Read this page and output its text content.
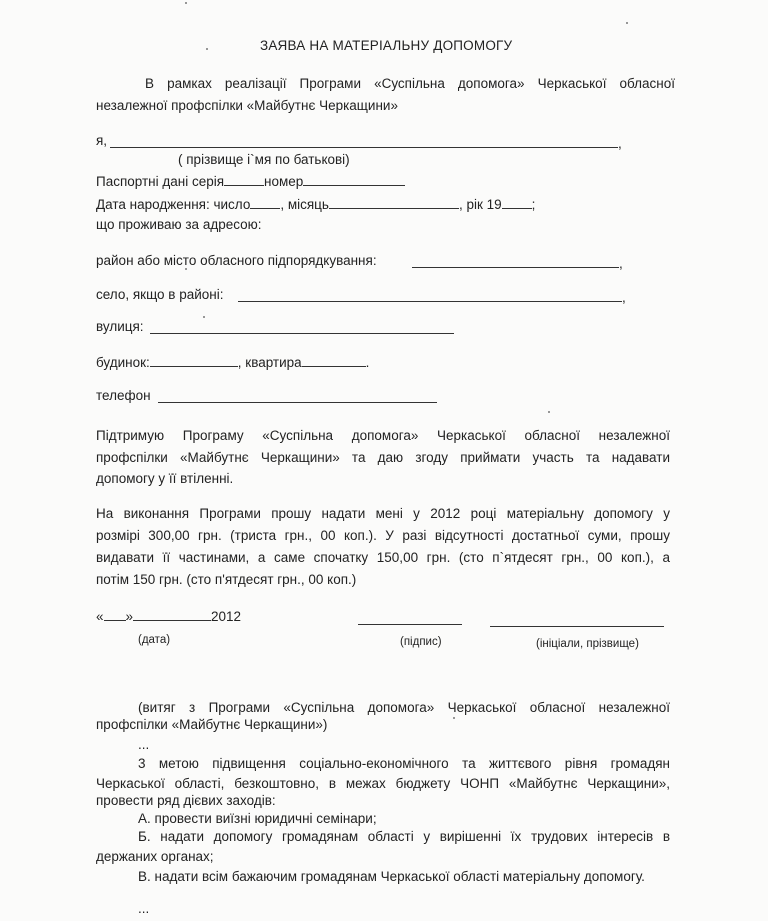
ЗАЯВА НА МАТЕРІАЛЬНУ ДОПОМОГУ
В рамках реалізації Програми «Суспільна допомога» Черкаської обласної
незалежної профспілки «Майбутнє Черкащини»
я,	,
( прізвище і`мя по батькові)
Паспортні дані серія	номер
Дата народження: число , місяць	, рік 19 ;
що проживаю за адресою:
район або місто обласного підпорядкування:	,
село, якщо в районі:	,
вулиця:
будинок:	, квартира	.
телефон
Підтримую Програму «Суспільна допомога» Черкаської обласної незалежної
профспілки «Майбутнє Черкащини» та даю згоду приймати участь та надавати
допомогу у її втіленні.
На виконання Програми прошу надати мені у 2012 році матеріальну допомогу у
розмірі 300,00 грн. (триста грн., 00 коп.). У разі відсутності достатньої суми, прошу
видавати її частинами, а саме спочатку 150,00 грн. (сто п`ятдесят грн., 00 коп.), а
потім 150 грн. (сто п'ятдесят грн., 00 коп.)
« »	2012
(дата)	(підпис)	(ініціали, прізвище)
(витяг з Програми «Суспільна допомога» Черкаської обласної незалежної
профспілки «Майбутнє Черкащини»)
...
3 метою підвищення соціально-економічного та життєвого рівня громадян
Черкаської області, безкоштовно, в межах бюджету ЧОНП «Майбутнє Черкащини»,
провести ряд дієвих заходів:
А. провести виїзні юридичні семінари;
Б. надати допомогу громадянам області у вирішенні їх трудових інтересів в
держаних органах;
В. надати всім бажаючим громадянам Черкаської області матеріальну допомогу.
...
